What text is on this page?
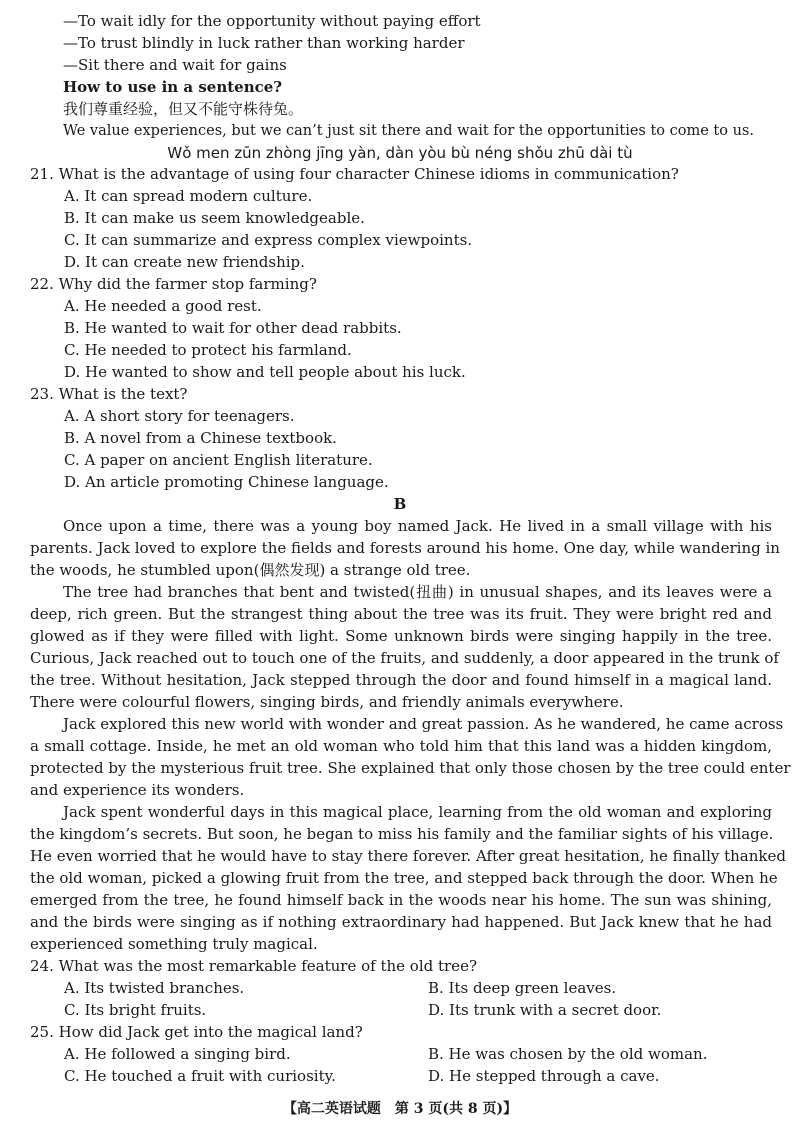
—To wait idly for the opportunity without paying effort
—To trust blindly in luck rather than working harder
—Sit there and wait for gains
How to use in a sentence?
我们尊重经验，但又不能守株待兔。
We value experiences, but we can’t just sit there and wait for the opportunities to come to us.
Wǒ men zūn zhòng jīng yàn, dàn yòu bù néng shǒu zhū dài tù
21. What is the advantage of using four character Chinese idioms in communication?
A. It can spread modern culture.
B. It can make us seem knowledgeable.
C. It can summarize and express complex viewpoints.
D. It can create new friendship.
22. Why did the farmer stop farming?
A. He needed a good rest.
B. He wanted to wait for other dead rabbits.
C. He needed to protect his farmland.
D. He wanted to show and tell people about his luck.
23. What is the text?
A. A short story for teenagers.
B. A novel from a Chinese textbook.
C. A paper on ancient English literature.
D. An article promoting Chinese language.
B
Once upon a time, there was a young boy named Jack. He lived in a small village with his
parents. Jack loved to explore the fields and forests around his home. One day, while wandering in
the woods, he stumbled upon(偶然发现) a strange old tree.
The tree had branches that bent and twisted(扭曲) in unusual shapes, and its leaves were a
deep, rich green. But the strangest thing about the tree was its fruit. They were bright red and
glowed as if they were filled with light. Some unknown birds were singing happily in the tree.
Curious, Jack reached out to touch one of the fruits, and suddenly, a door appeared in the trunk of
the tree. Without hesitation, Jack stepped through the door and found himself in a magical land.
There were colourful flowers, singing birds, and friendly animals everywhere.
Jack explored this new world with wonder and great passion. As he wandered, he came across
a small cottage. Inside, he met an old woman who told him that this land was a hidden kingdom,
protected by the mysterious fruit tree. She explained that only those chosen by the tree could enter
and experience its wonders.
Jack spent wonderful days in this magical place, learning from the old woman and exploring
the kingdom’s secrets. But soon, he began to miss his family and the familiar sights of his village.
He even worried that he would have to stay there forever. After great hesitation, he finally thanked
the old woman, picked a glowing fruit from the tree, and stepped back through the door. When he
emerged from the tree, he found himself back in the woods near his home. The sun was shining,
and the birds were singing as if nothing extraordinary had happened. But Jack knew that he had
experienced something truly magical.
24. What was the most remarkable feature of the old tree?
A. Its twisted branches.	B. Its deep green leaves.
C. Its bright fruits.	D. Its trunk with a secret door.
25. How did Jack get into the magical land?
A. He followed a singing bird.	B. He was chosen by the old woman.
C. He touched a fruit with curiosity.	D. He stepped through a cave.
【高二英语试题　第 3 页(共 8 页)】
